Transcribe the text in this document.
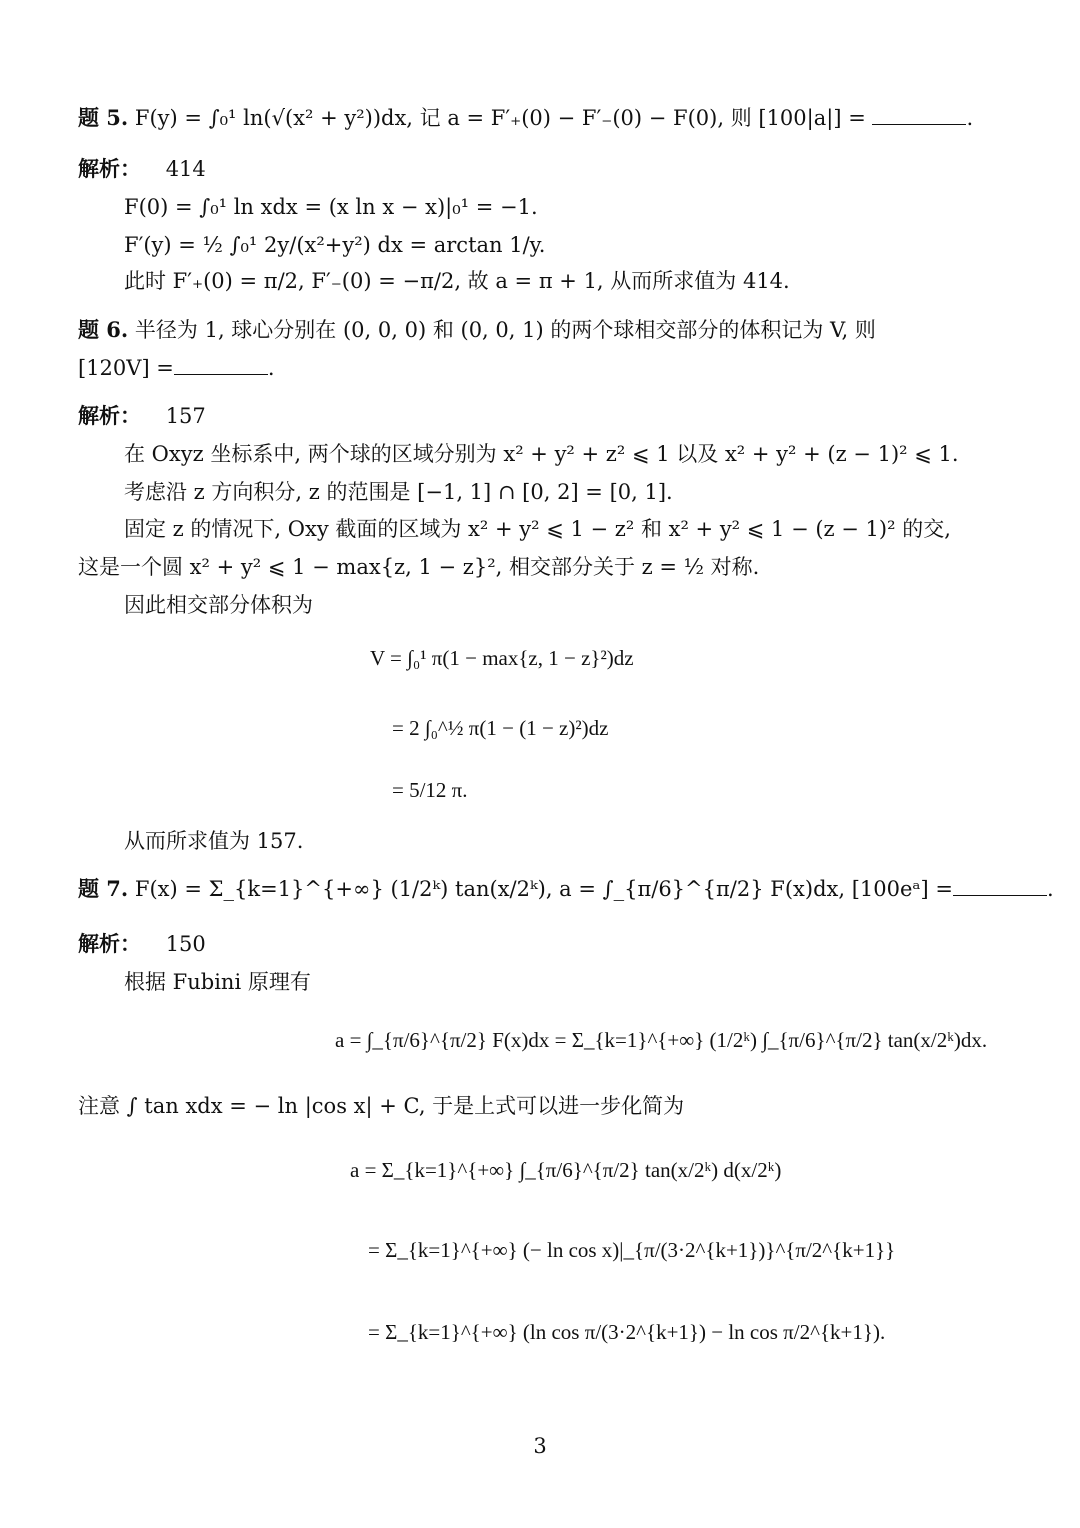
题 5. F(y) = ∫₀¹ ln(√(x² + y²))dx, 记 a = F′₊(0) − F′₋(0) − F(0), 则 [100|a|] =	.
解析： 414
F(0) = ∫₀¹ ln xdx = (x ln x − x)|₀¹ = −1.
F′(y) = ½ ∫₀¹ 2y/(x²+y²) dx = arctan 1/y.
此时 F′₊(0) = π/2, F′₋(0) = −π/2, 故 a = π + 1, 从而所求值为 414.
题 6. 半径为 1, 球心分别在 (0, 0, 0) 和 (0, 0, 1) 的两个球相交部分的体积记为 V, 则
[120V] =	.
解析： 157
在 Oxyz 坐标系中, 两个球的区域分别为 x² + y² + z² ⩽ 1 以及 x² + y² + (z − 1)² ⩽ 1.
考虑沿 z 方向积分, z 的范围是 [−1, 1] ∩ [0, 2] = [0, 1].
固定 z 的情况下, Oxy 截面的区域为 x² + y² ⩽ 1 − z² 和 x² + y² ⩽ 1 − (z − 1)² 的交,
这是一个圆 x² + y² ⩽ 1 − max{z, 1 − z}², 相交部分关于 z = ½ 对称.
因此相交部分体积为
V = ∫₀¹ π(1 − max{z, 1 − z}²)dz
= 2 ∫₀^½ π(1 − (1 − z)²)dz
= 5/12 π.
从而所求值为 157.
题 7. F(x) = Σ_{k=1}^{+∞} (1/2ᵏ) tan(x/2ᵏ), a = ∫_{π/6}^{π/2} F(x)dx, [100eᵃ] =	.
解析： 150
根据 Fubini 原理有
a = ∫_{π/6}^{π/2} F(x)dx = Σ_{k=1}^{+∞} (1/2ᵏ) ∫_{π/6}^{π/2} tan(x/2ᵏ)dx.
注意 ∫ tan xdx = − ln |cos x| + C, 于是上式可以进一步化简为
a = Σ_{k=1}^{+∞} ∫_{π/6}^{π/2} tan(x/2ᵏ) d(x/2ᵏ)
= Σ_{k=1}^{+∞} (− ln cos x)|_{π/(3·2^{k+1})}^{π/2^{k+1}}
= Σ_{k=1}^{+∞} (ln cos π/(3·2^{k+1}) − ln cos π/2^{k+1}).
3
